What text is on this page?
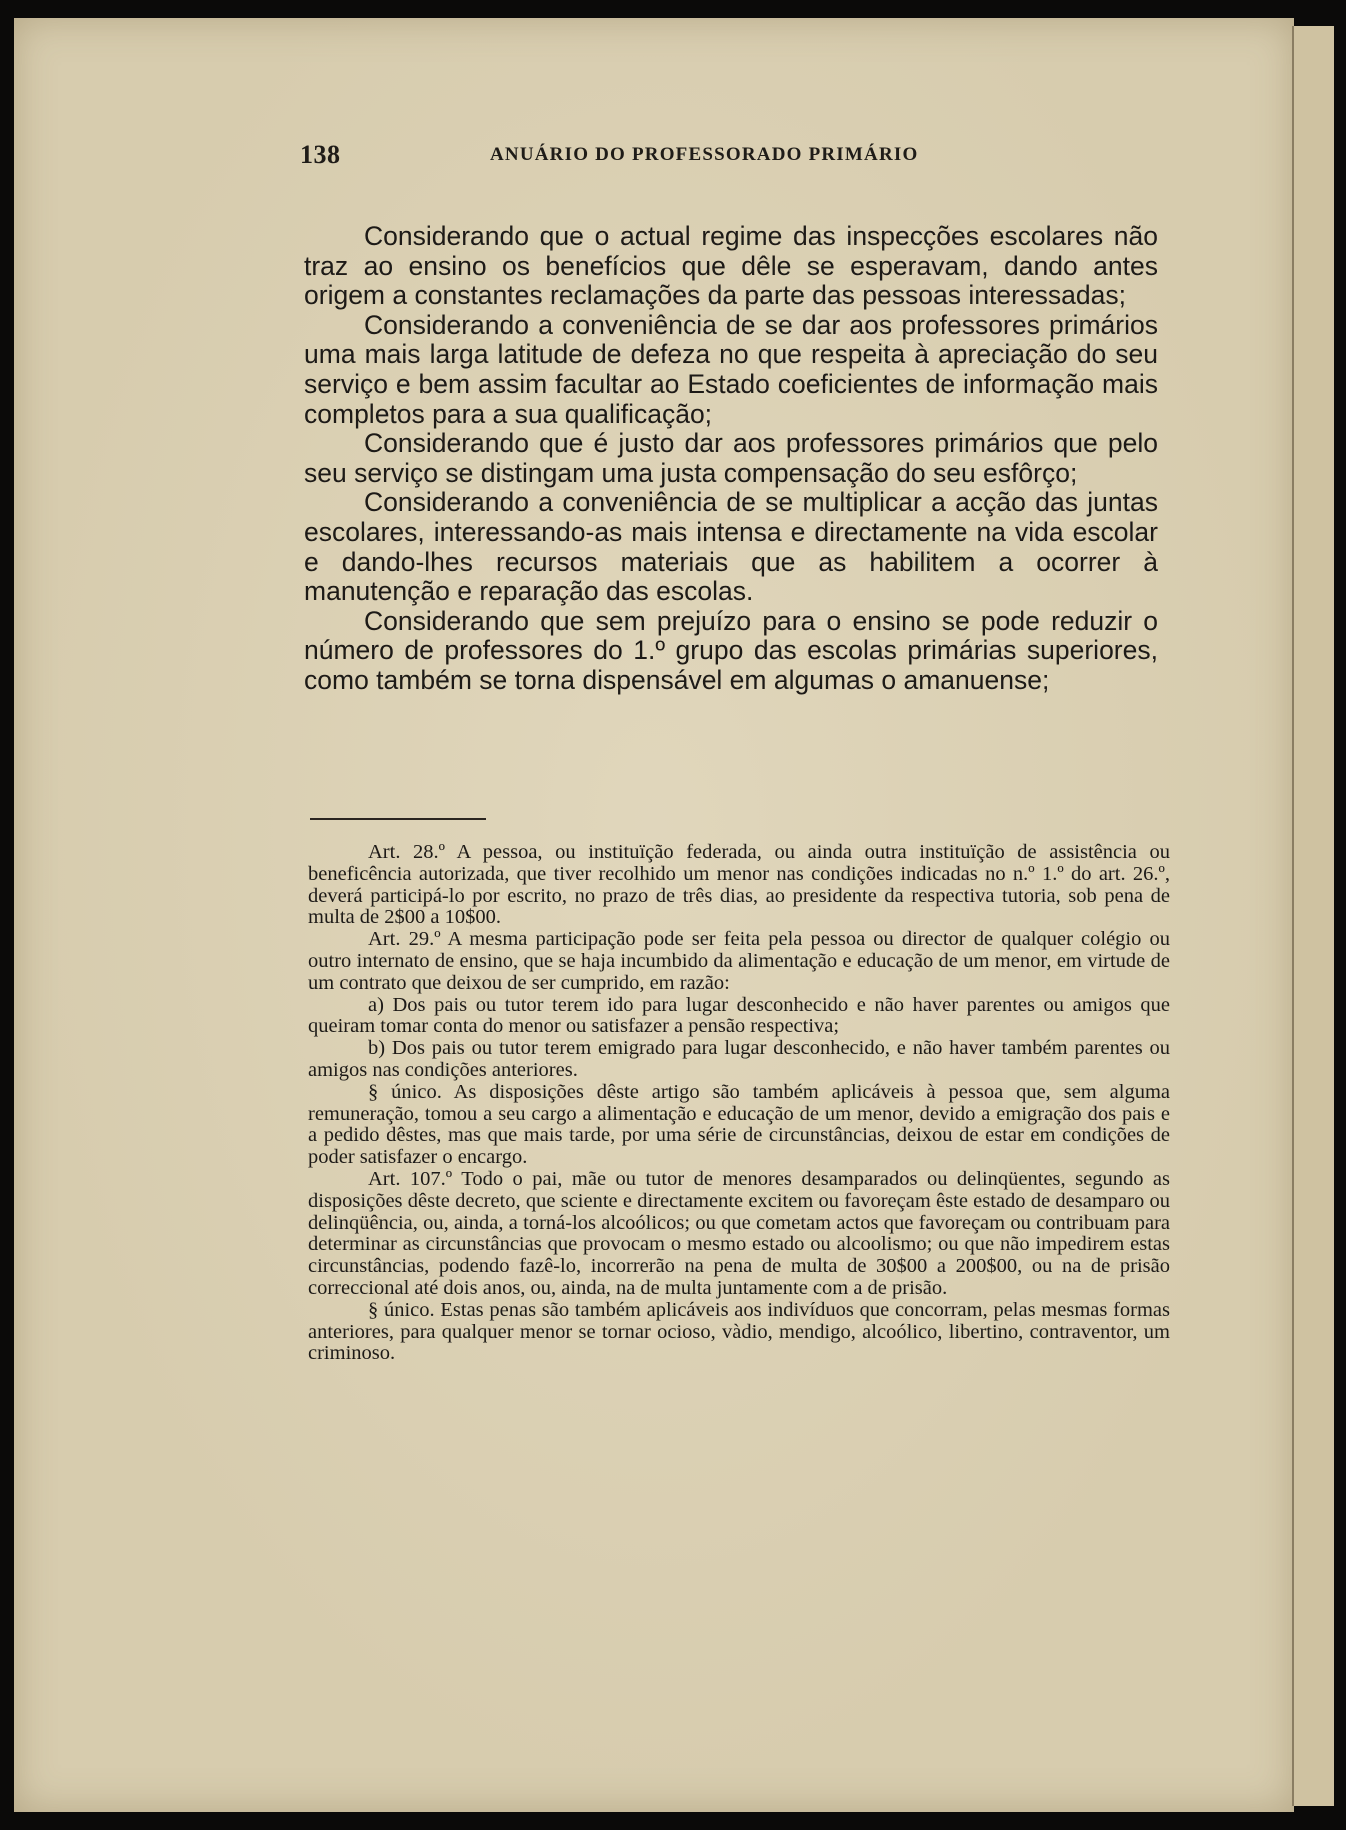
138	ANUÁRIO DO PROFESSORADO PRIMÁRIO

Considerando que o actual regime das inspecções escolares não traz ao ensino os benefícios que dêle se esperavam, dando antes origem a constantes reclamações da parte das pessoas interessadas;

Considerando a conveniência de se dar aos professores primários uma mais larga latitude de defeza no que respeita à apreciação do seu serviço e bem assim facultar ao Estado coeficientes de informação mais completos para a sua qualificação;

Considerando que é justo dar aos professores primários que pelo seu serviço se distingam uma justa compensação do seu esfôrço;

Considerando a conveniência de se multiplicar a acção das juntas escolares, interessando-as mais intensa e directamente na vida escolar e dando-lhes recursos materiais que as habilitem a ocorrer à manutenção e reparação das escolas.

Considerando que sem prejuízo para o ensino se pode reduzir o número de professores do 1.º grupo das escolas primárias superiores, como também se torna dispensável em algumas o amanuense;

Art. 28.º A pessoa, ou instituïção federada, ou ainda outra instituïção de assistência ou beneficência autorizada, que tiver recolhido um menor nas condições indicadas no n.º 1.º do art. 26.º, deverá participá-lo por escrito, no prazo de três dias, ao presidente da respectiva tutoria, sob pena de multa de 2$00 a 10$00.

Art. 29.º A mesma participação pode ser feita pela pessoa ou director de qualquer colégio ou outro internato de ensino, que se haja incumbido da alimentação e educação de um menor, em virtude de um contrato que deixou de ser cumprido, em razão:

a) Dos pais ou tutor terem ido para lugar desconhecido e não haver parentes ou amigos que queiram tomar conta do menor ou satisfazer a pensão respectiva;

b) Dos pais ou tutor terem emigrado para lugar desconhecido, e não haver também parentes ou amigos nas condições anteriores.

§ único. As disposições dêste artigo são também aplicáveis à pessoa que, sem alguma remuneração, tomou a seu cargo a alimentação e educação de um menor, devido a emigração dos pais e a pedido dêstes, mas que mais tarde, por uma série de circunstâncias, deixou de estar em condições de poder satisfazer o encargo.

Art. 107.º Todo o pai, mãe ou tutor de menores desamparados ou delinqüentes, segundo as disposições dêste decreto, que sciente e directamente excitem ou favoreçam êste estado de desamparo ou delinqüência, ou, ainda, a torná-los alcoólicos; ou que cometam actos que favoreçam ou contribuam para determinar as circunstâncias que provocam o mesmo estado ou alcoolismo; ou que não impedirem estas circunstâncias, podendo fazê-lo, incorrerão na pena de multa de 30$00 a 200$00, ou na de prisão correccional até dois anos, ou, ainda, na de multa juntamente com a de prisão.

§ único. Estas penas são também aplicáveis aos indivíduos que concorram, pelas mesmas formas anteriores, para qualquer menor se tornar ocioso, vàdio, mendigo, alcoólico, libertino, contraventor, um criminoso.
